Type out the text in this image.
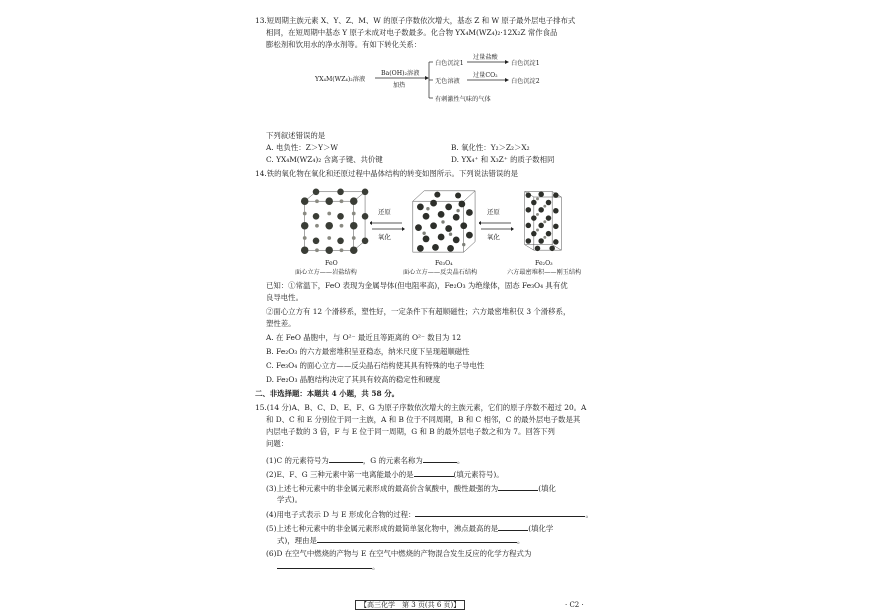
13.短周期主族元素 X、Y、Z、M、W 的原子序数依次增大，基态 Z 和 W 原子最外层电子排布式
相同，在短周期中基态 Y 原子未成对电子数最多。化合物 YX₄M(WZ₄)₂·12X₂Z 常作食品
膨松剂和饮用水的净水剂等。有如下转化关系：
YX₄M(WZ₄)₂溶液
Ba(OH)₂溶液
加热
白色沉淀1
过量盐酸
白色沉淀1
无色溶液
过量CO₂
白色沉淀2
有刺激性气味的气体
下列叙述错误的是
A. 电负性：Z＞Y＞W	B. 氧化性：Y₂＞Z₂＞X₂
C. YX₄M(WZ₄)₂ 含离子键、共价键	D. YX₄⁺ 和 X₃Z⁺ 的质子数相同
14.铁的氧化物在氧化和还原过程中晶体结构的转变如图所示。下列说法错误的是
还原
氧化
还原
氧化
FeO
面心立方——岩盐结构
Fe₃O₄
面心立方——反尖晶石结构
Fe₂O₃
六方最密堆积——刚玉结构
已知：①常温下，FeO 表现为金属导体(但电阻率高)，Fe₂O₃ 为绝缘体，固态 Fe₃O₄ 具有优
良导电性。
②面心立方有 12 个滑移系，塑性好，一定条件下有超顺磁性；六方最密堆积仅 3 个滑移系，
塑性差。
A. 在 FeO 晶胞中，与 O²⁻ 最近且等距离的 O²⁻ 数目为 12
B. Fe₂O₃ 的六方最密堆积呈亚稳态，纳米尺度下呈现超顺磁性
C. Fe₃O₄ 的面心立方——反尖晶石结构使其具有特殊的电子导电性
D. Fe₂O₃ 晶胞结构决定了其具有较高的稳定性和硬度
二、非选择题：本题共 4 小题，共 58 分。
15.(14 分)A、B、C、D、E、F、G 为原子序数依次增大的主族元素，它们的原子序数不超过 20。A
和 D、C 和 E 分别位于同一主族，A 和 B 位于不同周期，B 和 C 相邻，C 的最外层电子数是其
内层电子数的 3 倍，F 与 E 位于同一周期，G 和 B 的最外层电子数之和为 7。回答下列
问题：
(1)C 的元素符号为	，G 的元素名称为	。
(2)E、F、G 三种元素中第一电离能最小的是	(填元素符号)。
(3)上述七种元素中的非金属元素形成的最高价含氧酸中，酸性最强的为	(填化
学式)。
(4)用电子式表示 D 与 E 形成化合物的过程：	。
(5)上述七种元素中的非金属元素形成的最简单氢化物中，沸点最高的是	(填化学
式)，理由是	。
(6)D 在空气中燃烧的产物与 E 在空气中燃烧的产物混合发生反应的化学方程式为
。
【高三化学　第 3 页(共 6 页)】	· C2 ·
